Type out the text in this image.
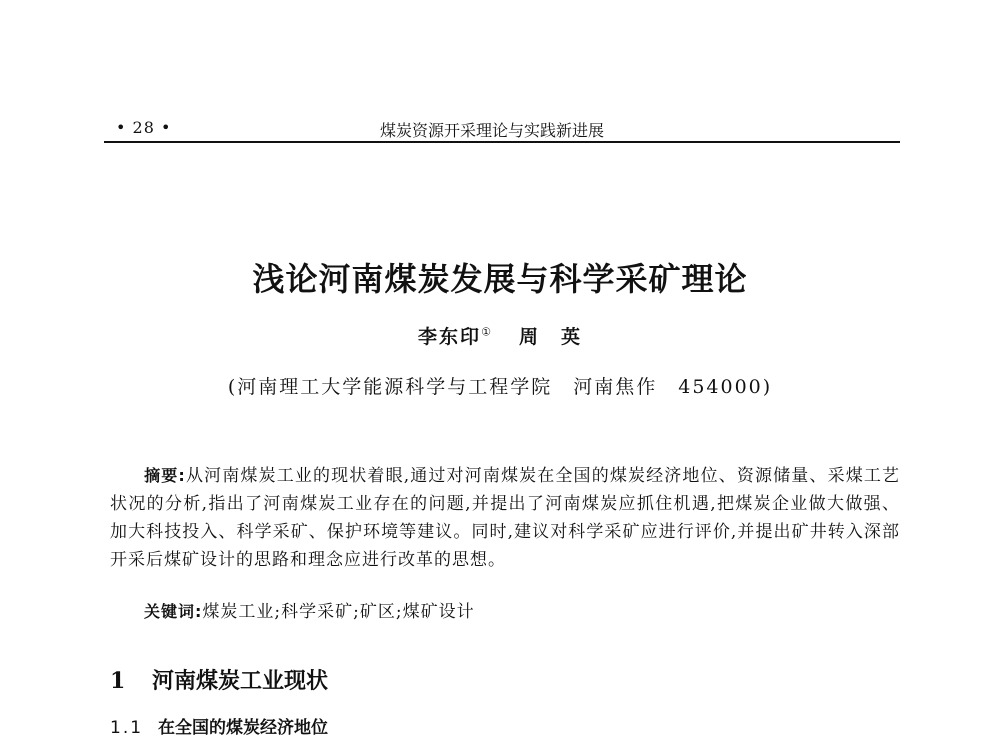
• 28 •	煤炭资源开采理论与实践新进展
浅论河南煤炭发展与科学采矿理论
李东印① 周　英
(河南理工大学能源科学与工程学院　河南焦作　454000)
摘要:从河南煤炭工业的现状着眼,通过对河南煤炭在全国的煤炭经济地位、资源储量、采煤工艺状况的分析,指出了河南煤炭工业存在的问题,并提出了河南煤炭应抓住机遇,把煤炭企业做大做强、加大科技投入、科学采矿、保护环境等建议。同时,建议对科学采矿应进行评价,并提出矿井转入深部开采后煤矿设计的思路和理念应进行改革的思想。
关键词:煤炭工业;科学采矿;矿区;煤矿设计
1 河南煤炭工业现状
1.1 在全国的煤炭经济地位
